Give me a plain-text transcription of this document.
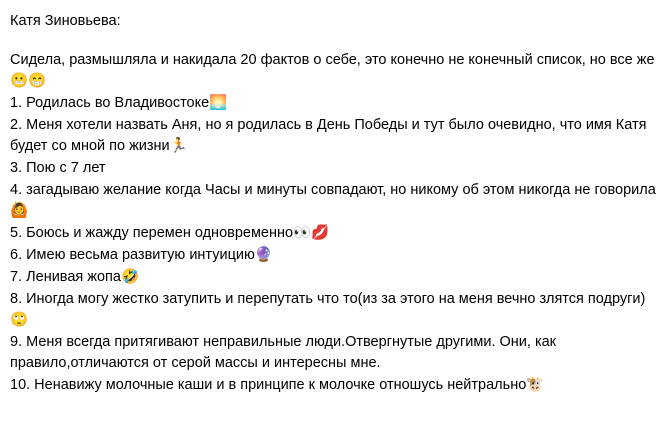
Катя Зиновьева:
Сидела, размышляла и накидала 20 фактов о себе, это конечно не конечный список, но все же😬😁
1. Родилась во Владивостоке🌅
2. Меня хотели назвать Аня, но я родилась в День Победы и тут было очевидно, что имя Катя будет со мной по жизни🏃
3. Пою с 7 лет
4. загадываю желание когда Часы и минуты совпадают, но никому об этом никогда не говорила🙆
5. Боюсь и жажду перемен одновременно👀💋
6. Имею весьма развитую интуицию🔮
7. Ленивая жопа🤣
8. Иногда могу жестко затупить и перепутать что то(из за этого на меня вечно злятся подруги)🙄
9. Меня всегда притягивают неправильные люди.Отвергнутые другими. Они, как правило,отличаются от серой массы и интересны мне.
10. Ненавижу молочные каши и в принципе к молочке отношусь нейтрально🐮
